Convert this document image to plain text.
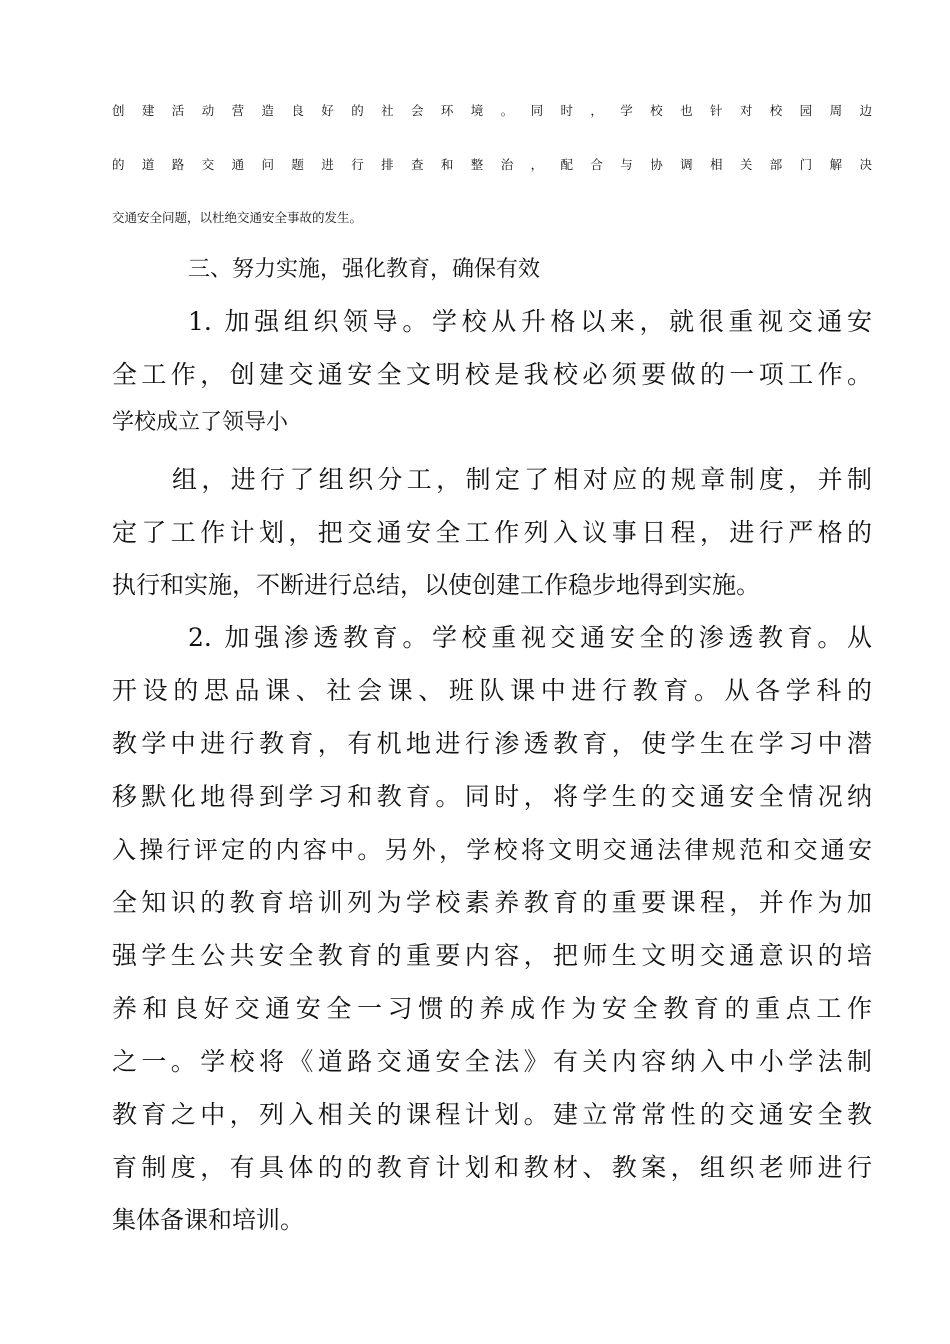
创建活动营造良好的社会环境。同时，学校也针对校园周边

的道路交通问题进行排查和整治，配合与协调相关部门解决

交通安全问题，以杜绝交通安全事故的发生。

三、努力实施，强化教育，确保有效

1. 加强组织领导。学校从升格以来，就很重视交通安

全工作，创建交通安全文明校是我校必须要做的一项工作。

学校成立了领导小

组，进行了组织分工，制定了相对应的规章制度，并制

定了工作计划，把交通安全工作列入议事日程，进行严格的

执行和实施，不断进行总结，以使创建工作稳步地得到实施。

2. 加强渗透教育。学校重视交通安全的渗透教育。从

开设的思品课、社会课、班队课中进行教育。从各学科的

教学中进行教育，有机地进行渗透教育，使学生在学习中潜

移默化地得到学习和教育。同时，将学生的交通安全情况纳

入操行评定的内容中。另外，学校将文明交通法律规范和交通安

全知识的教育培训列为学校素养教育的重要课程，并作为加

强学生公共安全教育的重要内容，把师生文明交通意识的培

养和良好交通安全一习惯的养成作为安全教育的重点工作

之一。学校将《道路交通安全法》有关内容纳入中小学法制

教育之中，列入相关的课程计划。建立常常性的交通安全教

育制度，有具体的的教育计划和教材、教案，组织老师进行

集体备课和培训。
